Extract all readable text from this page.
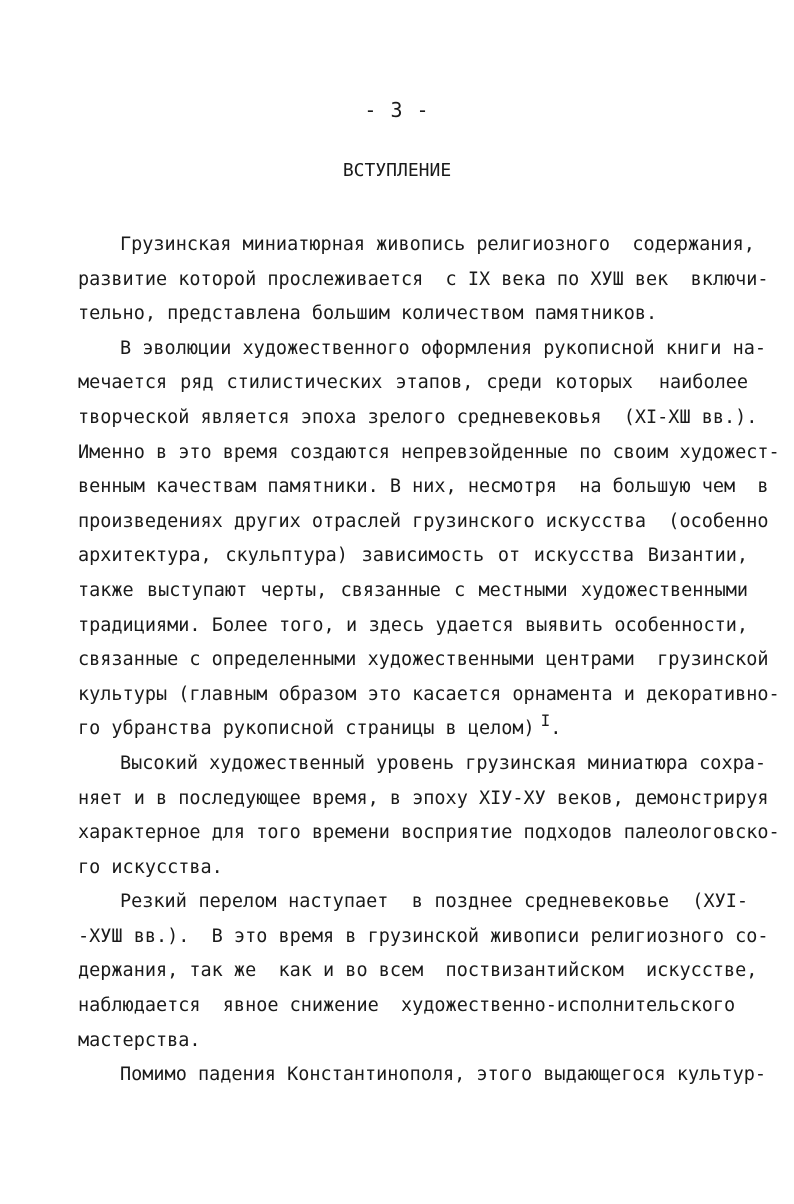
- 3 -
ВСТУПЛЕНИЕ
Грузинская миниатюрная живопись религиозного  содержания,
развитие которой прослеживается  с IX века по ХУШ век  включи-
тельно, представлена большим количеством памятников.
В эволюции художественного оформления рукописной книги на-
мечается ряд стилистических этапов, среди которых  наиболее
творческой является эпоха зрелого средневековья  (XI-XШ вв.).
Именно в это время создаются непревзойденные по своим художест-
венным качествам памятники. В них, несмотря  на большую чем  в
произведениях других отраслей грузинского искусства  (особенно
архитектура, скульптура) зависимость от искусства Византии,
также выступают черты, связанные с местными художественными
традициями. Более того, и здесь удается выявить особенности,
связанные с определенными художественными центрами  грузинской
культуры (главным образом это касается орнамента и декоративно-
го убранства рукописной страницы в целом) $^I$.
Высокий художественный уровень грузинская миниатюра сохра-
няет и в последующее время, в эпоху XIУ-XУ веков, демонстрируя
характерное для того времени восприятие подходов палеологовско-
го искусства.
Резкий перелом наступает  в позднее средневековье  (XУI-
-ХУШ вв.).  В это время в грузинской живописи религиозного со-
держания, так же  как и во всем  поствизантийском  искусстве,
наблюдается  явное снижение  художественно-исполнительского
мастерства.
Помимо падения Константинополя, этого выдающегося культур-
